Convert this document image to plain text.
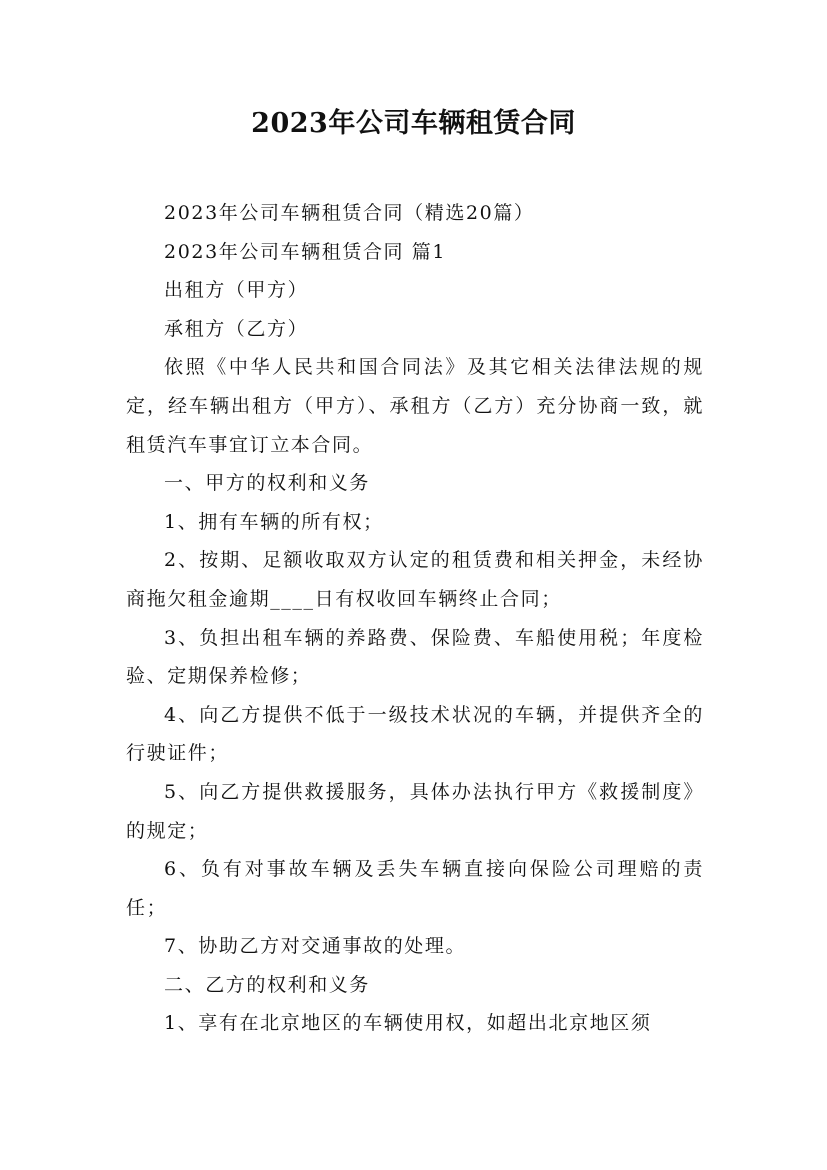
2023年公司车辆租赁合同

2023年公司车辆租赁合同（精选20篇）

2023年公司车辆租赁合同 篇1

出租方（甲方）

承租方（乙方）

依照《中华人民共和国合同法》及其它相关法律法规的规定，经车辆出租方（甲方）、承租方（乙方）充分协商一致，就租赁汽车事宜订立本合同。

一、甲方的权利和义务

1、拥有车辆的所有权；

2、按期、足额收取双方认定的租赁费和相关押金，未经协商拖欠租金逾期____日有权收回车辆终止合同；

3、负担出租车辆的养路费、保险费、车船使用税；年度检验、定期保养检修；

4、向乙方提供不低于一级技术状况的车辆，并提供齐全的行驶证件；

5、向乙方提供救援服务，具体办法执行甲方《救援制度》的规定；

6、负有对事故车辆及丢失车辆直接向保险公司理赔的责任；

7、协助乙方对交通事故的处理。

二、乙方的权利和义务

1、享有在北京地区的车辆使用权，如超出北京地区须
